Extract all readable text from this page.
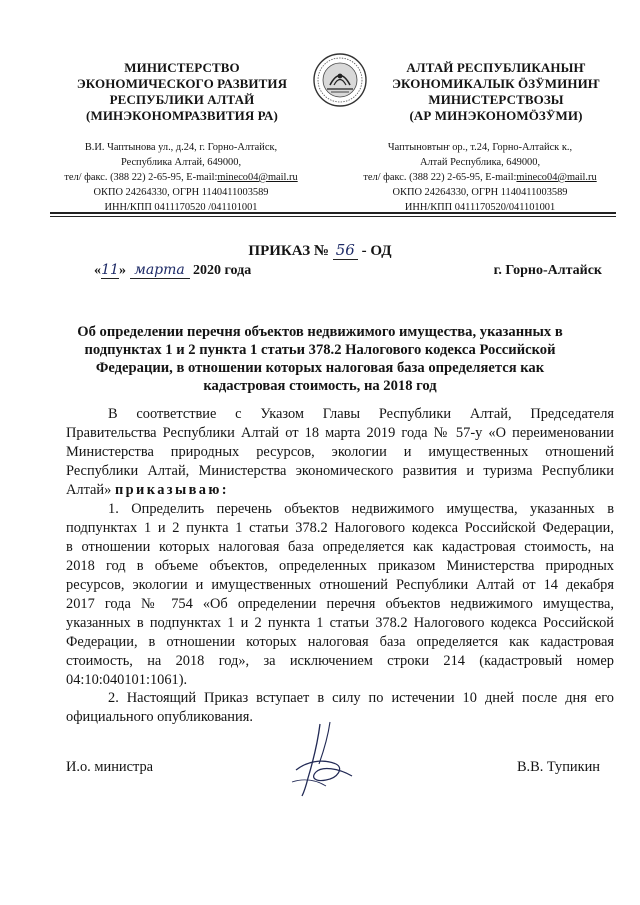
МИНИСТЕРСТВО
ЭКОНОМИЧЕСКОГО РАЗВИТИЯ
РЕСПУБЛИКИ АЛТАЙ
(МИНЭКОНОМРАЗВИТИЯ РА)
АЛТАЙ РЕСПУБЛИКАНЫҤ
ЭКОНОМИКАЛЫК ӦЗӰМИНИҤ
МИНИСТЕРСТВОЗЫ
(АР МИНЭКОНОМӦЗӰМИ)
В.И. Чаптынова ул., д.24, г. Горно-Алтайск,
Республика Алтай, 649000,
тел/ факс. (388 22) 2-65-95, E-mail:mineco04@mail.ru
ОКПО 24264330, ОГРН 1140411003589
ИНН/КПП 0411170520 /041101001
Чаптыновтыҥ ор., т.24, Горно-Алтайск к.,
Алтай Республика, 649000,
тел/ факс. (388 22) 2-65-95, E-mail:mineco04@mail.ru
ОКПО 24264330, ОГРН 1140411003589
ИНН/КПП 0411170520/041101001
ПРИКАЗ № 56 - ОД
«11» марта 2020 года	г. Горно-Алтайск
Об определении перечня объектов недвижимого имущества, указанных в
подпунктах 1 и 2 пункта 1 статьи 378.2 Налогового кодекса Российской
Федерации, в отношении которых налоговая база определяется как
кадастровая стоимость, на 2018 год
В соответствие с Указом Главы Республики Алтай, Председателя
Правительства Республики Алтай от 18 марта 2019 года № 57-у «О переименовании
Министерства природных ресурсов, экологии и имущественных отношений
Республики Алтай, Министерства экономического развития и туризма Республики
Алтай» приказываю:
1. Определить перечень объектов недвижимого имущества, указанных в
подпунктах 1 и 2 пункта 1 статьи 378.2 Налогового кодекса Российской Федерации,
в отношении которых налоговая база определяется как кадастровая стоимость, на
2018 год в объеме объектов, определенных приказом Министерства природных
ресурсов, экологии и имущественных отношений Республики Алтай от 14 декабря
2017 года № 754 «Об определении перечня объектов недвижимого имущества,
указанных в подпунктах 1 и 2 пункта 1 статьи 378.2 Налогового кодекса Российской
Федерации, в отношении которых налоговая база определяется как кадастровая
стоимость, на 2018 год», за исключением строки 214 (кадастровый номер
04:10:040101:1061).
2. Настоящий Приказ вступает в силу по истечении 10 дней после дня его
официального опубликования.
И.о. министра	В.В. Тупикин
